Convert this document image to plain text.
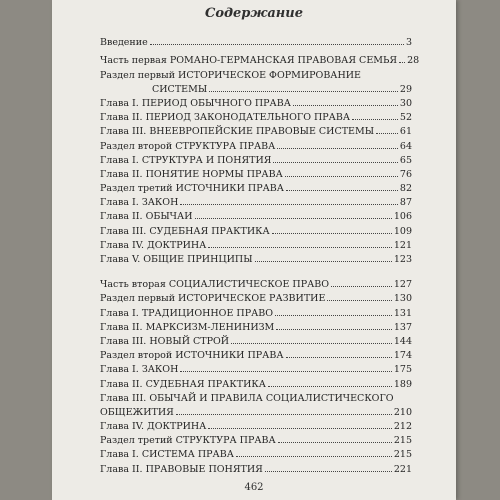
Содержание
Введение	3
Часть первая РОМАНО-ГЕРМАНСКАЯ ПРАВОВАЯ СЕМЬЯ 28
Раздел первый ИСТОРИЧЕСКОЕ ФОРМИРОВАНИЕ
СИСТЕМЫ	29
Глава I. ПЕРИОД ОБЫЧНОГО ПРАВА	30
Глава II. ПЕРИОД ЗАКОНОДАТЕЛЬНОГО ПРАВА	52
Глава III. ВНЕЕВРОПЕЙСКИЕ ПРАВОВЫЕ СИСТЕМЫ	61
Раздел второй СТРУКТУРА ПРАВА	64
Глава I. СТРУКТУРА И ПОНЯТИЯ	65
Глава II. ПОНЯТИЕ НОРМЫ ПРАВА	76
Раздел третий ИСТОЧНИКИ ПРАВА	82
Глава I. ЗАКОН	87
Глава II. ОБЫЧАИ	106
Глава III. СУДЕБНАЯ ПРАКТИКА	109
Глава IV. ДОКТРИНА	121
Глава V. ОБЩИЕ ПРИНЦИПЫ	123
Часть вторая СОЦИАЛИСТИЧЕСКОЕ ПРАВО	127
Раздел первый ИСТОРИЧЕСКОЕ РАЗВИТИЕ	130
Глава I. ТРАДИЦИОННОЕ ПРАВО	131
Глава II. МАРКСИЗМ-ЛЕНИНИЗМ	137
Глава III. НОВЫЙ СТРОЙ	144
Раздел второй ИСТОЧНИКИ ПРАВА	174
Глава I. ЗАКОН	175
Глава II. СУДЕБНАЯ ПРАКТИКА	189
Глава III. ОБЫЧАЙ И ПРАВИЛА СОЦИАЛИСТИЧЕСКОГО
ОБЩЕЖИТИЯ	210
Глава IV. ДОКТРИНА	212
Раздел третий СТРУКТУРА ПРАВА	215
Глава I. СИСТЕМА ПРАВА	215
Глава II. ПРАВОВЫЕ ПОНЯТИЯ	221
462
